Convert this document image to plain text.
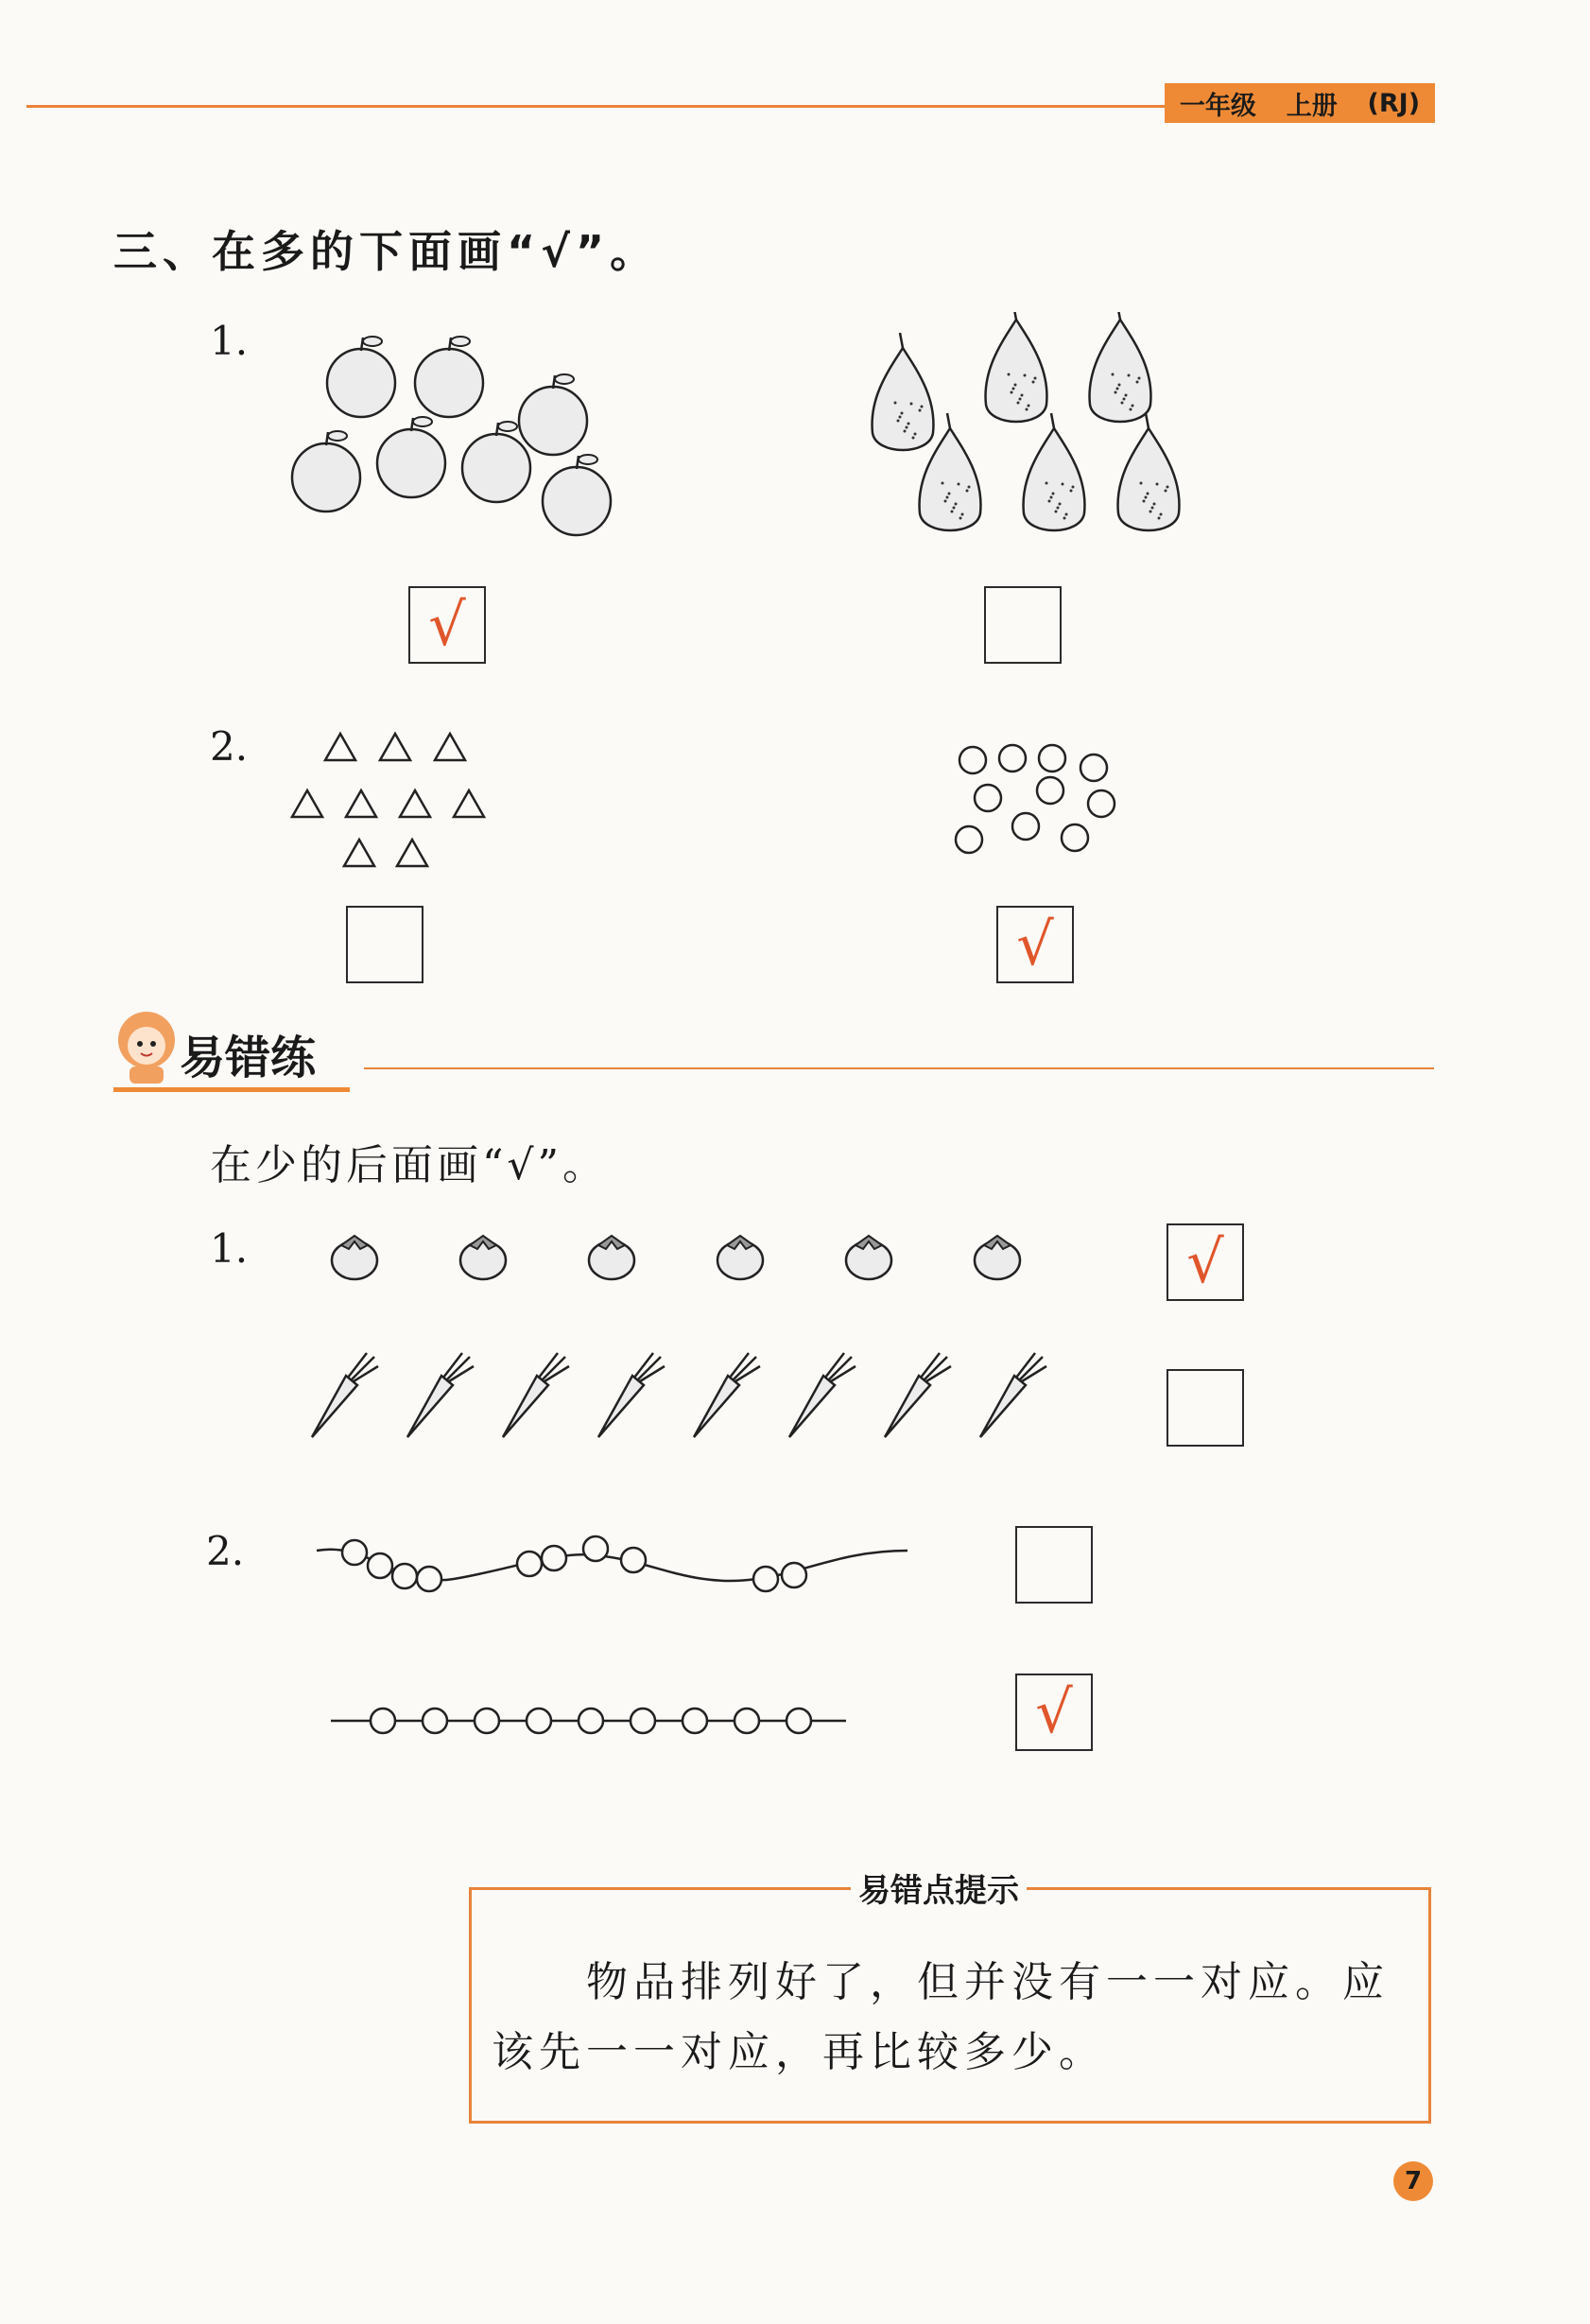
一年级 上册 (RJ)
三、在多的下面画“√”。
1.
√
2.
√
易错练
在少的后面画“√”。
1.	√
2.
√
易错点提示
物品排列好了，但并没有一一对应。应该先一一对应，再比较多少。
7
